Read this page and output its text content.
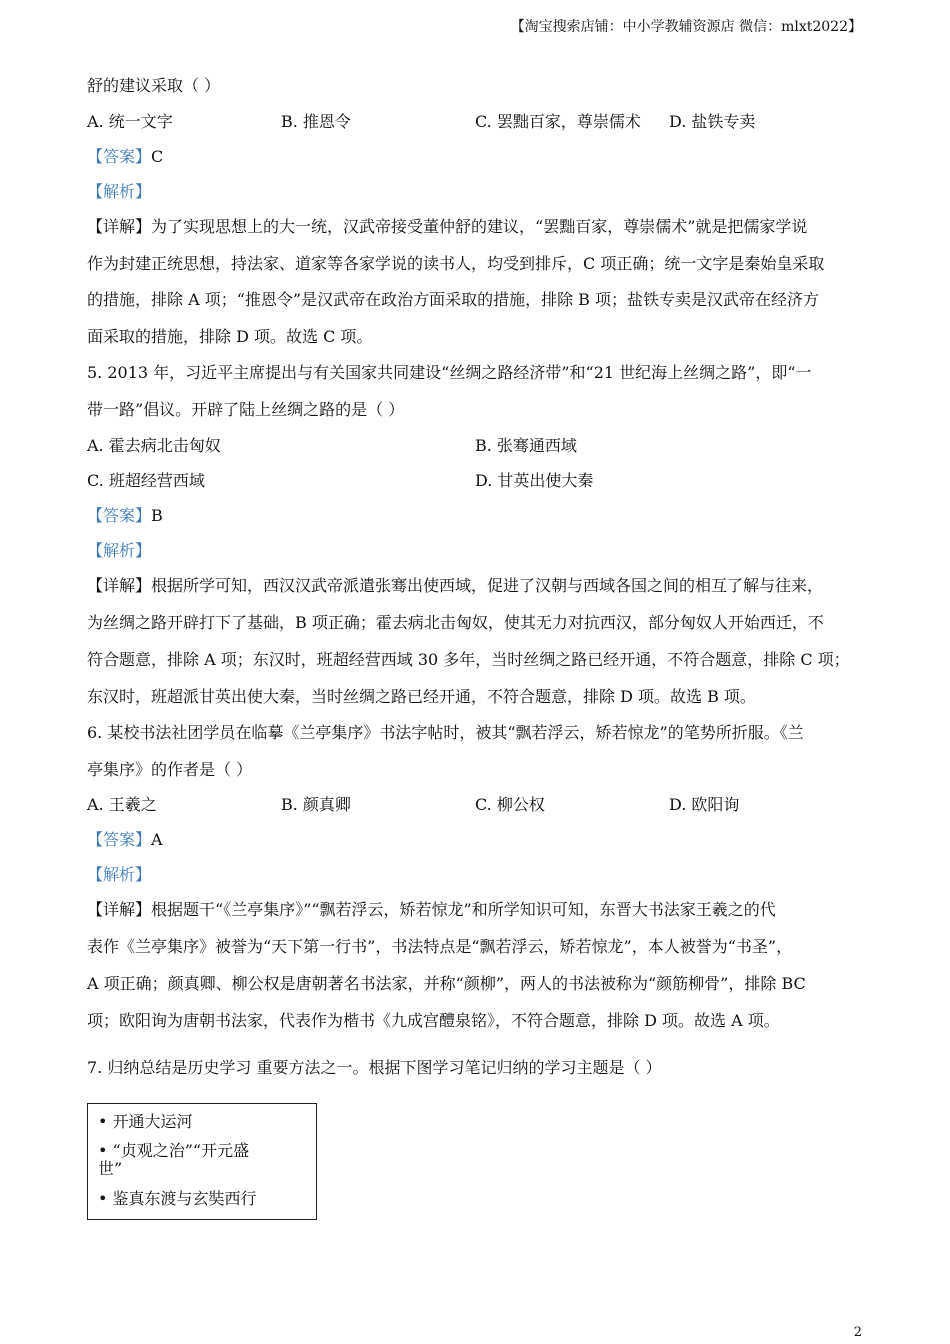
【淘宝搜索店铺：中小学教辅资源店 微信：mlxt2022】
舒的建议采取（ ）
A. 统一文字	B. 推恩令	C. 罢黜百家，尊崇儒术 D. 盐铁专卖
【答案】C
【解析】
【详解】为了实现思想上的大一统，汉武帝接受董仲舒的建议，“罢黜百家，尊崇儒术”就是把儒家学说
作为封建正统思想，持法家、道家等各家学说的读书人，均受到排斥，C 项正确；统一文字是秦始皇采取
的措施，排除 A 项；“推恩令”是汉武帝在政治方面采取的措施，排除 B 项；盐铁专卖是汉武帝在经济方
面采取的措施，排除 D 项。故选 C 项。
5. 2013 年，习近平主席提出与有关国家共同建设“丝绸之路经济带”和“21 世纪海上丝绸之路”，即“一
带一路”倡议。开辟了陆上丝绸之路的是（ ）
A. 霍去病北击匈奴	B. 张骞通西域
C. 班超经营西域	D. 甘英出使大秦
【答案】B
【解析】
【详解】根据所学可知，西汉汉武帝派遣张骞出使西域，促进了汉朝与西域各国之间的相互了解与往来，
为丝绸之路开辟打下了基础，B 项正确；霍去病北击匈奴，使其无力对抗西汉，部分匈奴人开始西迁，不
符合题意，排除 A 项；东汉时，班超经营西域 30 多年，当时丝绸之路已经开通，不符合题意，排除 C 项；
东汉时，班超派甘英出使大秦，当时丝绸之路已经开通，不符合题意，排除 D 项。故选 B 项。
6. 某校书法社团学员在临摹《兰亭集序》书法字帖时，被其“飘若浮云，矫若惊龙”的笔势所折服。《兰
亭集序》的作者是（ ）
A. 王羲之	B. 颜真卿	C. 柳公权	D. 欧阳询
【答案】A
【解析】
【详解】根据题干“《兰亭集序》”“飘若浮云，矫若惊龙”和所学知识可知，东晋大书法家王羲之的代
表作《兰亭集序》被誉为“天下第一行书”，书法特点是“飘若浮云，矫若惊龙”，本人被誉为“书圣”，
A 项正确；颜真卿、柳公权是唐朝著名书法家，并称“颜柳”，两人的书法被称为“颜筋柳骨”，排除 BC
项；欧阳询为唐朝书法家，代表作为楷书《九成宫醴泉铭》，不符合题意，排除 D 项。故选 A 项。
7. 归纳总结是历史学习 重要方法之一。根据下图学习笔记归纳的学习主题是（ ）
• 开通大运河
• “贞观之治”“开元盛
世”
• 鉴真东渡与玄奘西行
2
